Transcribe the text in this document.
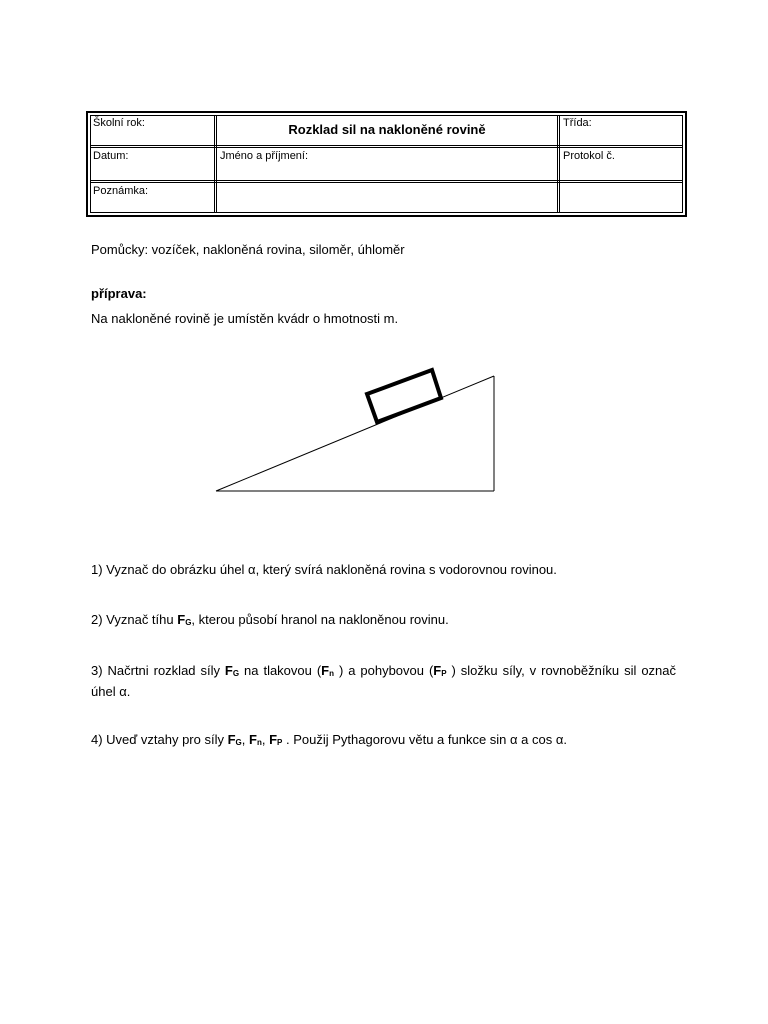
Školní rok:	Rozklad sil na nakloněné rovině	Třída:
Datum:	Jméno a příjmení:	Protokol č.
Poznámka:
Pomůcky: vozíček, nakloněná rovina, siloměr, úhloměr
příprava:
Na nakloněné rovině je umístěn kvádr o hmotnosti m.
1) Vyznač do obrázku úhel α, který svírá nakloněná rovina s vodorovnou rovinou.
2) Vyznač tíhu FG, kterou působí hranol na nakloněnou rovinu.
3) Načrtni rozklad síly FG na tlakovou (Fn ) a pohybovou (FP ) složku síly, v rovnoběžníku sil označ úhel α.
4) Uveď vztahy pro síly FG, Fn, FP . Použij Pythagorovu větu a funkce sin α a cos α.
